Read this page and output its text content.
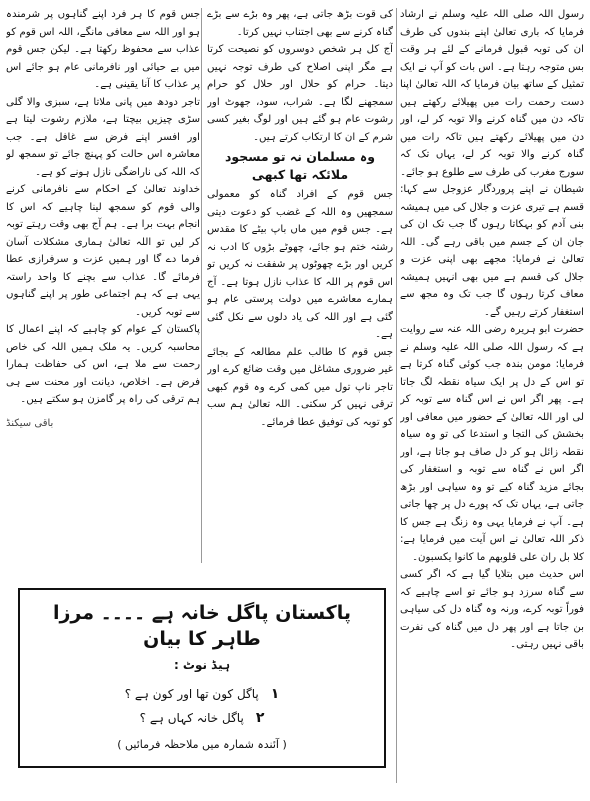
رسول اللہ صلی اللہ علیہ وسلم نے ارشاد فرمایا کہ باری تعالیٰ اپنے بندوں کی طرف ان کی توبہ قبول فرمانے کے لئے ہر وقت بس متوجہ رہتا ہے۔ اس بات کو آپ نے ایک تمثیل کے ساتھ بیان فرمایا کہ اللہ تعالیٰ اپنا دست رحمت رات میں پھیلائے رکھتے ہیں تاکہ دن میں گناہ کرنے والا توبہ کر لے، اور دن میں پھیلائے رکھتے ہیں تاکہ رات میں گناہ کرنے والا توبہ کر لے، یہاں تک کہ سورج مغرب کی طرف سے طلوع ہو جائے۔

شیطان نے اپنے پروردگار عزوجل سے کہا: قسم ہے تیری عزت و جلال کی میں ہمیشہ بنی آدم کو بہکاتا رہوں گا جب تک ان کی جان ان کے جسم میں باقی رہے گی۔ اللہ تعالیٰ نے فرمایا: مجھے بھی اپنی عزت و جلال کی قسم ہے میں بھی انہیں ہمیشہ معاف کرتا رہوں گا جب تک وہ مجھ سے استغفار کرتے رہیں گے۔

حضرت ابو ہریرہ رضی اللہ عنہ سے روایت ہے کہ رسول اللہ صلی اللہ علیہ وسلم نے فرمایا: مومن بندہ جب کوئی گناہ کرتا ہے تو اس کے دل پر ایک سیاہ نقطہ لگ جاتا ہے۔ پھر اگر اس نے اس گناہ سے توبہ کر لی اور اللہ تعالیٰ کے حضور میں معافی اور بخشش کی التجا و استدعا کی تو وہ سیاہ نقطہ زائل ہو کر دل صاف ہو جاتا ہے، اور اگر اس نے گناہ سے توبہ و استغفار کی بجائے مزید گناہ کیے تو وہ سیاہی اور بڑھ جاتی ہے، یہاں تک کہ پورے دل پر چھا جاتی ہے۔ آپ نے فرمایا یہی وہ زنگ ہے جس کا ذکر اللہ تعالیٰ نے اس آیت میں فرمایا ہے: کلا بل ران علی قلوبھم ما کانوا یکسبون۔

اس حدیث میں بتلایا گیا ہے کہ اگر کسی سے گناہ سرزد ہو جائے تو اسے چاہیے کہ فوراً توبہ کرے، ورنہ وہ گناہ دل کی سیاہی بن جاتا ہے اور پھر دل میں گناہ کی نفرت باقی نہیں رہتی۔

کی قوت بڑھ جاتی ہے، پھر وہ بڑے سے بڑے گناہ کرنے سے بھی اجتناب نہیں کرتا۔

آج کل ہر شخص دوسروں کو نصیحت کرتا ہے مگر اپنی اصلاح کی طرف توجہ نہیں دیتا۔ حرام کو حلال اور حلال کو حرام سمجھنے لگا ہے۔ شراب، سود، جھوٹ اور رشوت عام ہو گئے ہیں اور لوگ بغیر کسی شرم کے ان کا ارتکاب کرتے ہیں۔

وہ مسلمان نہ تو مسجود ملائکہ تھا کبھی

جس قوم کے افراد گناہ کو معمولی سمجھیں وہ اللہ کے غضب کو دعوت دیتی ہے۔ جس قوم میں ماں باپ بیٹے کا مقدس رشتہ ختم ہو جائے، چھوٹے بڑوں کا ادب نہ کریں اور بڑے چھوٹوں پر شفقت نہ کریں تو اس قوم پر اللہ کا عذاب نازل ہوتا ہے۔ آج ہمارے معاشرے میں دولت پرستی عام ہو گئی ہے اور اللہ کی یاد دلوں سے نکل گئی ہے۔

جس قوم کا طالب علم مطالعہ کے بجائے غیر ضروری مشاغل میں وقت ضائع کرے اور تاجر ناپ تول میں کمی کرے وہ قوم کبھی ترقی نہیں کر سکتی۔ اللہ تعالیٰ ہم سب کو توبہ کی توفیق عطا فرمائے۔

جس قوم کا ہر فرد اپنے گناہوں پر شرمندہ ہو اور اللہ سے معافی مانگے، اللہ اس قوم کو عذاب سے محفوظ رکھتا ہے۔ لیکن جس قوم میں بے حیائی اور نافرمانی عام ہو جائے اس پر عذاب کا آنا یقینی ہے۔

تاجر دودھ میں پانی ملاتا ہے، سبزی والا گلی سڑی چیزیں بیچتا ہے، ملازم رشوت لیتا ہے اور افسر اپنے فرض سے غافل ہے۔ جب معاشرہ اس حالت کو پہنچ جائے تو سمجھ لو کہ اللہ کی ناراضگی نازل ہونے کو ہے۔

خداوند تعالیٰ کے احکام سے نافرمانی کرنے والی قوم کو سمجھ لینا چاہیے کہ اس کا انجام بہت برا ہے۔ ہم آج بھی وقت رہتے توبہ کر لیں تو اللہ تعالیٰ ہماری مشکلات آسان فرما دے گا اور ہمیں عزت و سرفرازی عطا فرمائے گا۔ عذاب سے بچنے کا واحد راستہ یہی ہے کہ ہم اجتماعی طور پر اپنے گناہوں سے توبہ کریں۔

پاکستان کے عوام کو چاہیے کہ اپنے اعمال کا محاسبہ کریں۔ یہ ملک ہمیں اللہ کی خاص رحمت سے ملا ہے، اس کی حفاظت ہمارا فرض ہے۔ اخلاص، دیانت اور محنت سے ہی ہم ترقی کی راہ پر گامزن ہو سکتے ہیں۔

باقی سیکنڈ
پاکستان پاگل خانہ ہے ۔۔۔۔ مرزا طاہر کا بیان
ہیڈ نوٹ :
۱
پاگل کون تھا اور کون ہے ؟
۲
پاگل خانہ کہاں ہے ؟
( آئندہ شمارہ میں ملاحظہ فرمائیں )
